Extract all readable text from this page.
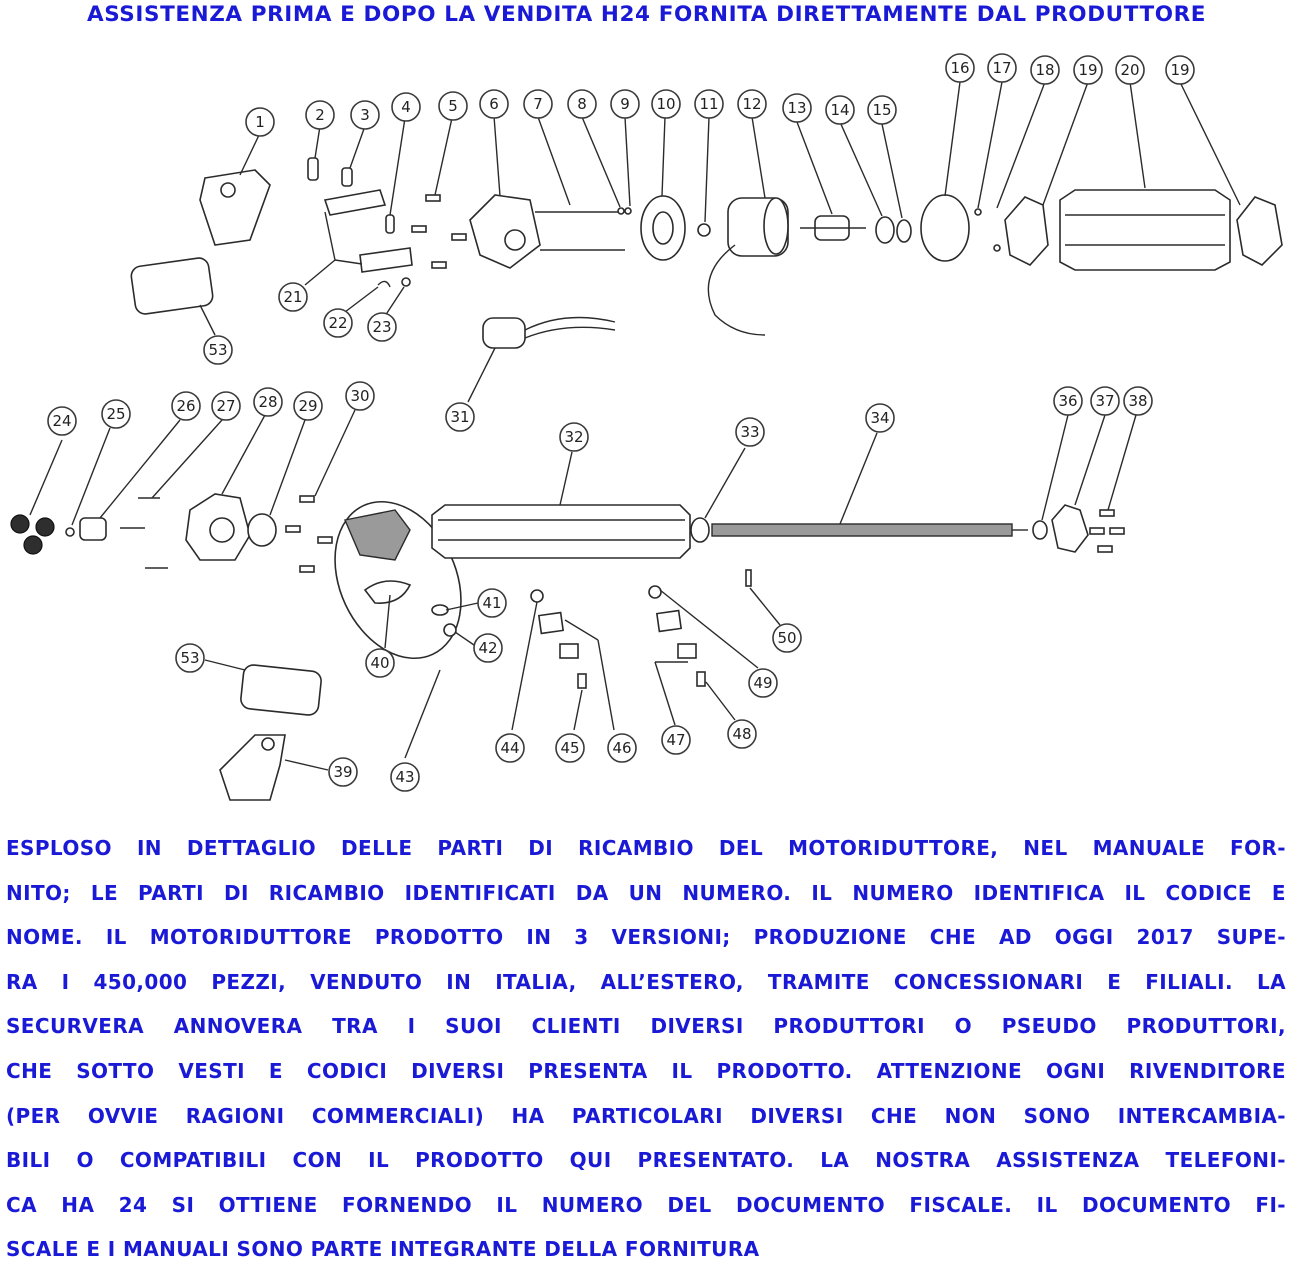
ASSISTENZA PRIMA E DOPO LA VENDITA H24 FORNITA DIRETTAMENTE DAL PRODUTTORE
1	2 3 4 5 6 7 8 9 10 11 12 13 14 15
16 17 18 19 20 19
21
22 23
53
31
24 25	26 27 28 29
30
32	33
34
36 37 38
41
42
40
53
43
39
44	45 46 47	48
49
50
ESPLOSO IN DETTAGLIO DELLE PARTI DI RICAMBIO DEL MOTORIDUTTORE, NEL MANUALE FOR-
NITO; LE PARTI DI RICAMBIO IDENTIFICATI DA UN NUMERO. IL NUMERO IDENTIFICA IL CODICE E
NOME. IL MOTORIDUTTORE PRODOTTO IN 3 VERSIONI; PRODUZIONE CHE AD OGGI 2017 SUPE-
RA I 450,000 PEZZI, VENDUTO IN ITALIA, ALL’ESTERO, TRAMITE CONCESSIONARI E FILIALI. LA
SECURVERA ANNOVERA TRA I SUOI CLIENTI DIVERSI PRODUTTORI O PSEUDO PRODUTTORI,
CHE SOTTO VESTI E CODICI DIVERSI PRESENTA IL PRODOTTO. ATTENZIONE OGNI RIVENDITORE
(PER OVVIE RAGIONI COMMERCIALI) HA PARTICOLARI DIVERSI CHE NON SONO INTERCAMBIA-
BILI O COMPATIBILI CON IL PRODOTTO QUI PRESENTATO. LA NOSTRA ASSISTENZA TELEFONI-
CA HA 24 SI OTTIENE FORNENDO IL NUMERO DEL DOCUMENTO FISCALE. IL DOCUMENTO FI-
SCALE E I MANUALI SONO PARTE INTEGRANTE DELLA FORNITURA
